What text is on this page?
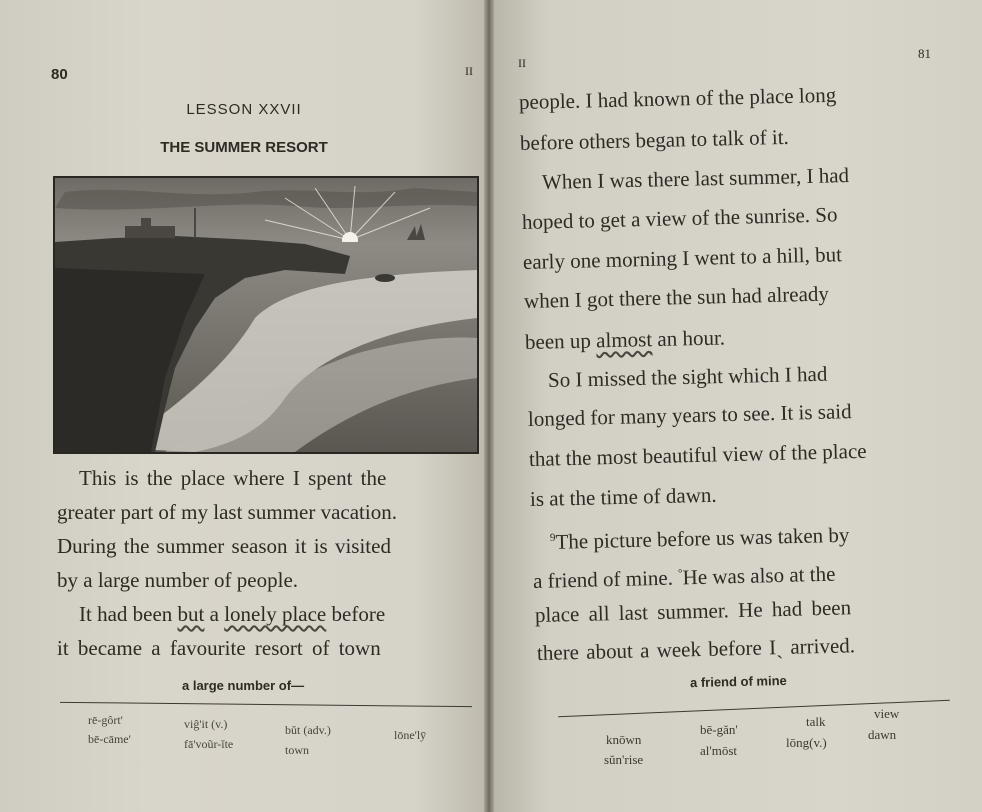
80	II
LESSON XXVII
THE SUMMER RESORT
This is the place where I spent the
greater part of my last summer vacation.
During the summer season it is visited
by a large number of people.
It had been but a lonely place before
it became a favourite resort of town
a large number of—
rē-gôrt'
bē-cāme'
viĝ'it (v.)
fā'voũr-ĭte
bŭt (adv.)
town
lōne'lȳ
II
81
people. I had known of the place long
before others began to talk of it.
When I was there last summer, I had
hoped to get a view of the sunrise. So
early one morning I went to a hill, but
when I got there the sun had already
been up almost an hour.
So I missed the sight which I had
longed for many years to see. It is said
that the most beautiful view of the place
is at the time of dawn.
$^9$The picture before us was taken by
a friend of mine. °He was also at the
place all last summer. He had been
there about a week before Iˎ arrived.
a friend of mine
knōwn
sŭn'rise
bē-găn'
al'mōst
talk
lōng(v.)
view
dawn
